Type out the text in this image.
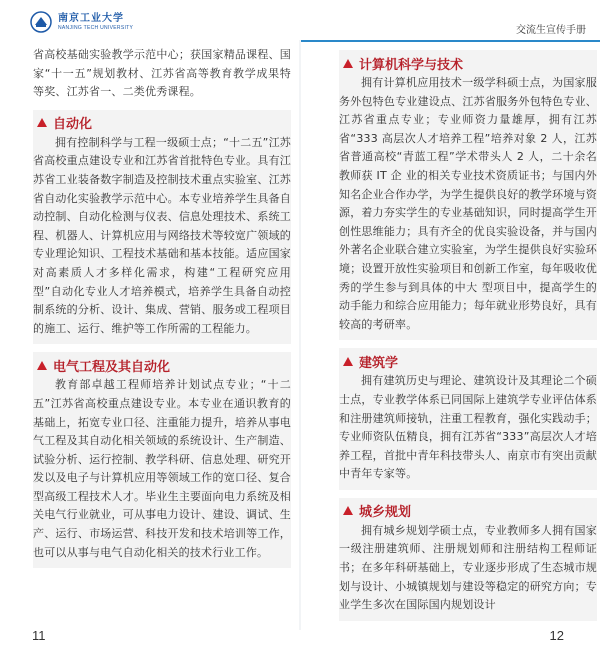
南京工业大学
NANJING TECH UNIVERSITY	交流生宣传手册

省高校基础实验教学示范中心；获国家精品课程、国家“十一五”规划教材、江苏省高等教育教学成果特等奖、江苏省一、二类优秀课程。

自动化

拥有控制科学与工程一级硕士点；“十二五”江苏省高校重点建设专业和江苏省首批特色专业。具有江苏省工业装备数字制造及控制技术重点实验室、江苏省自动化实验教学示范中心。本专业培养学生具备自动控制、自动化检测与仪表、信息处理技术、系统工程、机器人、计算机应用与网络技术等较宽广领域的专业理论知识、工程技术基础和基本技能。适应国家对高素质人才多样化需求，构建“工程研究应用型”自动化专业人才培养模式，培养学生具备自动控制系统的分析、设计、集成、营销、服务或工程项目的施工、运行、维护等工作所需的工程能力。

电气工程及其自动化

教育部卓越工程师培养计划试点专业；“十二五”江苏省高校重点建设专业。本专业在通识教育的基础上，拓宽专业口径、注重能力提升，培养从事电气工程及其自动化相关领域的系统设计、生产制造、试验分析、运行控制、教学科研、信息处理、研究开发以及电子与计算机应用等领域工作的宽口径、复合型高级工程技术人才。毕业生主要面向电力系统及相关电气行业就业，可从事电力设计、建设、调试、生产、运行、市场运营、科技开发和技术培训等工作，也可以从事与电气自动化相关的技术行业工作。

计算机科学与技术

拥有计算机应用技术一级学科硕士点，为国家服务外包特色专业建设点、江苏省服务外包特色专业、江苏省重点专业；专业师资力量雄厚，拥有江苏省“333 高层次人才培养工程”培养对象 2 人，江苏省普通高校“青蓝工程”学术带头人 2 人，二十余名教师获 IT 企 业的相关专业技术资质证书；与国内外知名企业合作办学，为学生提供良好的教学环境与资源，着力夯实学生的专业基础知识，同时提高学生开创性思维能力；具有齐全的优良实验设备，并与国内外著名企业联合建立实验室，为学生提供良好实验环境；设置开放性实验项目和创新工作室，每年吸收优秀的学生参与到具体的中大 型项目中，提高学生的动手能力和综合应用能力；每年就业形势良好，具有较高的考研率。

建筑学

拥有建筑历史与理论、建筑设计及其理论二个硕士点，专业教学体系已同国际上建筑学专业评估体系和注册建筑师接轨，注重工程教育，强化实践动手；专业师资队伍精良，拥有江苏省“333”高层次人才培养工程，首批中青年科技带头人、南京市有突出贡献中青年专家等。

城乡规划

拥有城乡规划学硕士点，专业教师多人拥有国家一级注册建筑师、注册规划师和注册结构工程师证书；在多年科研基础上，专业逐步形成了生态城市规划与设计、小城镇规划与建设等稳定的研究方向；专业学生多次在国际国内规划设计

11	12
